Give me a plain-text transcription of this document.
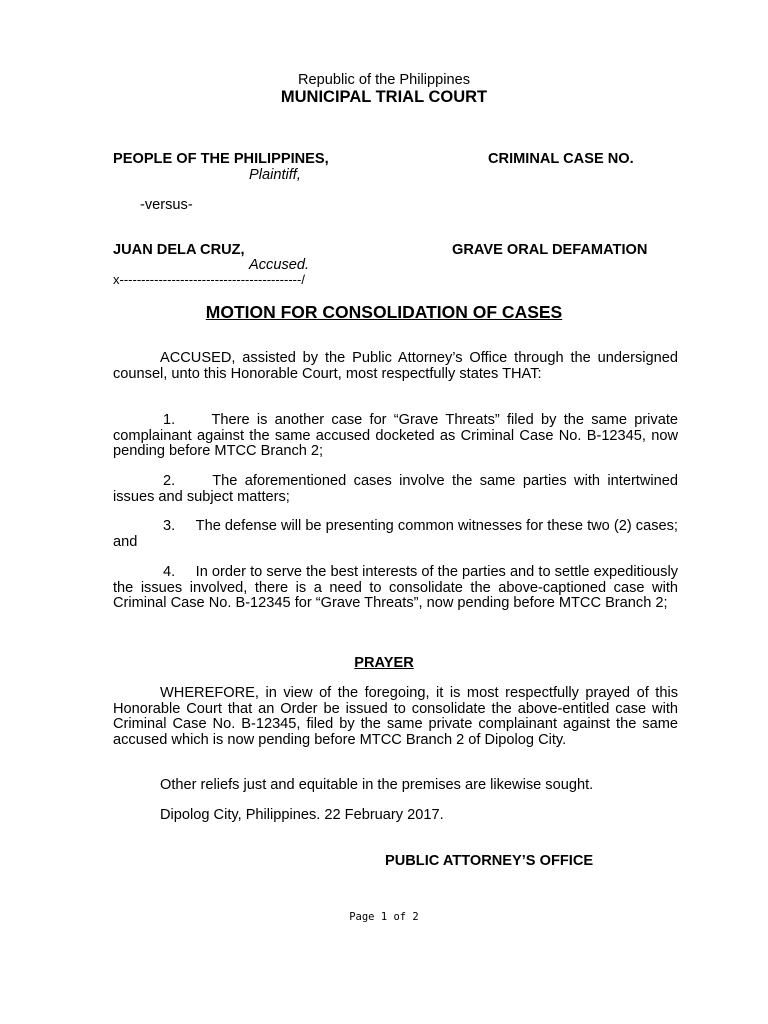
Republic of the Philippines
MUNICIPAL TRIAL COURT
PEOPLE OF THE PHILIPPINES,
Plaintiff,
CRIMINAL CASE NO.
-versus-
JUAN DELA CRUZ,
Accused.
GRAVE ORAL DEFAMATION
x------------------------------------------/
MOTION FOR CONSOLIDATION OF CASES

ACCUSED, assisted by the Public Attorney’s Office through the undersigned counsel, unto this Honorable Court, most respectfully states THAT:

1. There is another case for “Grave Threats” filed by the same private complainant against the same accused docketed as Criminal Case No. B-12345, now pending before MTCC Branch 2;

2.	The aforementioned cases involve the same parties with intertwined issues and subject matters;

3. The defense will be presenting common witnesses for these two (2) cases; and

4. In order to serve the best interests of the parties and to settle expeditiously the issues involved, there is a need to consolidate the above-captioned case with Criminal Case No. B-12345 for “Grave Threats”, now pending before MTCC Branch 2;

PRAYER

WHEREFORE, in view of the foregoing, it is most respectfully prayed of this Honorable Court that an Order be issued to consolidate the above-entitled case with Criminal Case No. B-12345, filed by the same private complainant against the same accused which is now pending before MTCC Branch 2 of Dipolog City.

Other reliefs just and equitable in the premises are likewise sought.
Dipolog City, Philippines. 22 February 2017.
PUBLIC ATTORNEY’S OFFICE
Page 1 of 2
